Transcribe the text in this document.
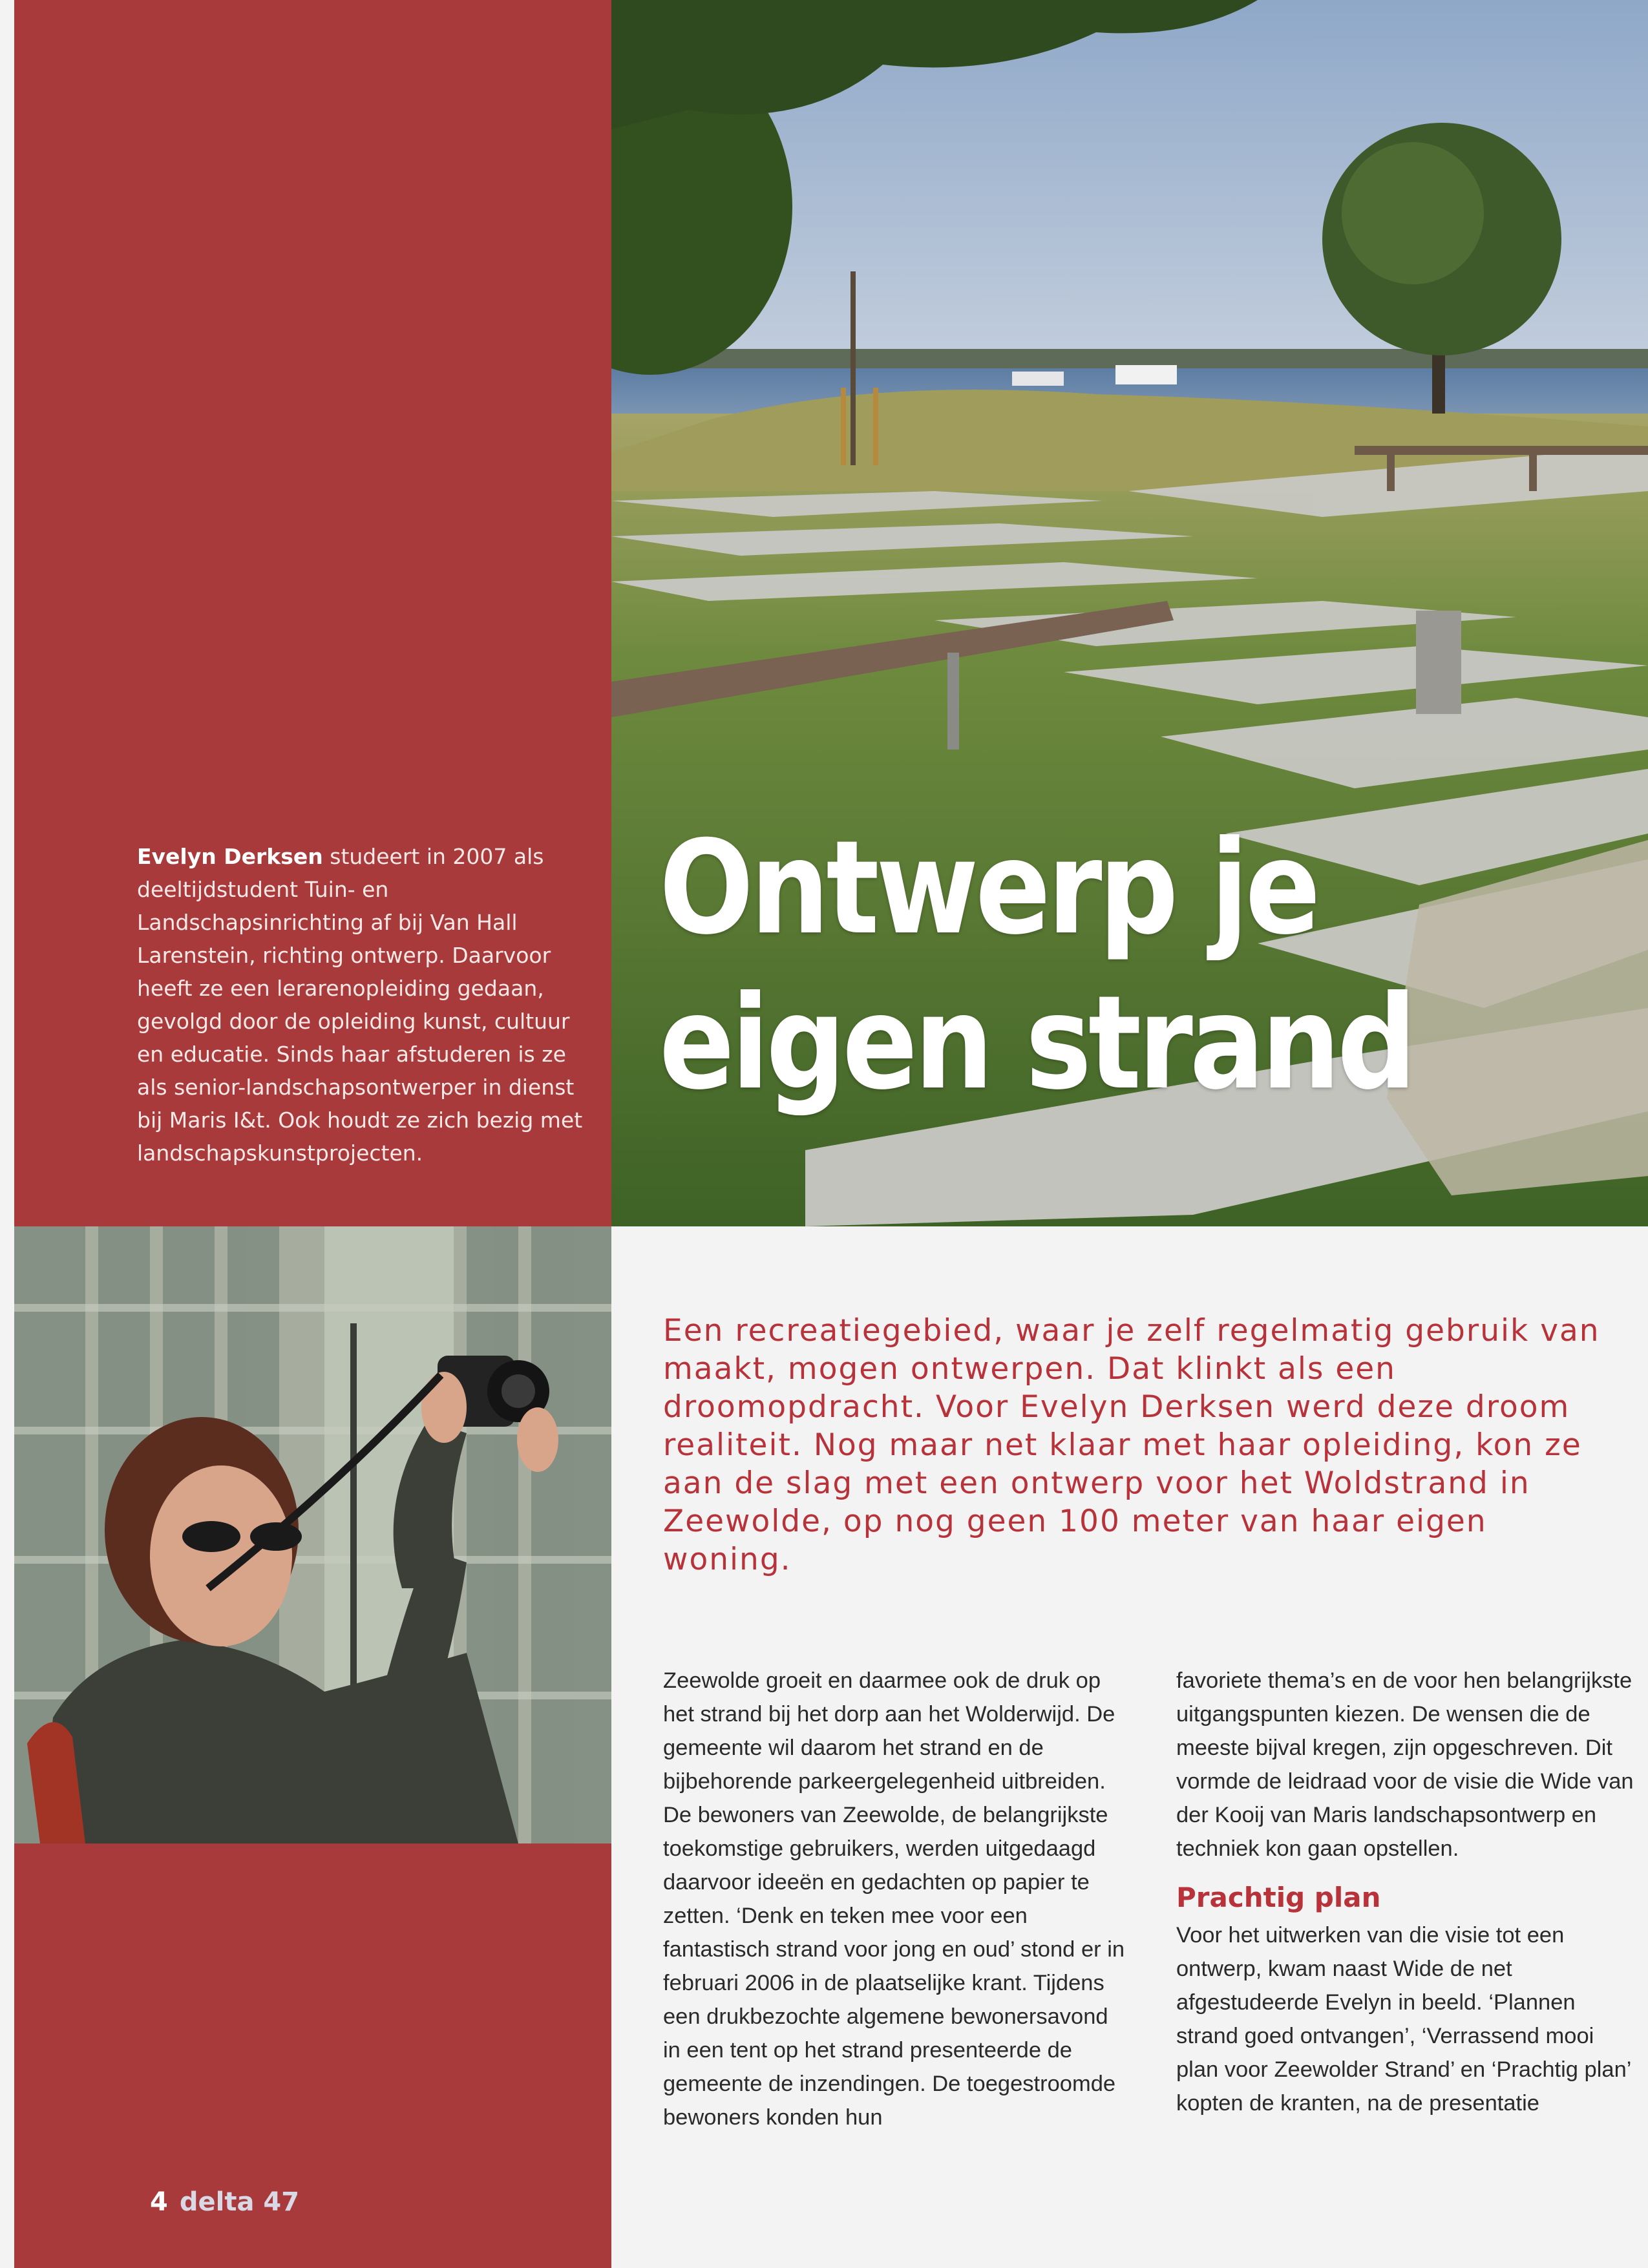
Evelyn Derksen studeert in 2007 als deeltijdstudent Tuin- en Landschapsinrichting af bij Van Hall Larenstein, richting ontwerp. Daarvoor heeft ze een lerarenopleiding gedaan, gevolgd door de opleiding kunst, cultuur en educatie. Sinds haar afstuderen is ze als senior-landschapsontwerper in dienst bij Maris I&t. Ook houdt ze zich bezig met landschapskunstprojecten.
Ontwerp je
eigen strand
Een recreatiegebied, waar je zelf regelmatig gebruik van maakt, mogen ontwerpen. Dat klinkt als een droomopdracht. Voor Evelyn Derksen werd deze droom realiteit. Nog maar net klaar met haar opleiding, kon ze aan de slag met een ontwerp voor het Woldstrand in Zeewolde, op nog geen 100 meter van haar eigen woning.

Zeewolde groeit en daarmee ook de druk op het strand bij het dorp aan het Wolderwijd. De gemeente wil daarom het strand en de bijbehorende parkeergelegenheid uitbreiden. De bewoners van Zeewolde, de belangrijkste toekomstige gebruikers, werden uitgedaagd daarvoor ideeën en gedachten op papier te zetten. ‘Denk en teken mee voor een fantastisch strand voor jong en oud’ stond er in februari 2006 in de plaatselijke krant. Tijdens een drukbezochte algemene bewonersavond in een tent op het strand presenteerde de gemeente de inzendingen. De toegestroomde bewoners konden hun

favoriete thema’s en de voor hen belangrijkste uitgangspunten kiezen. De wensen die de meeste bijval kregen, zijn opgeschreven. Dit vormde de leidraad voor de visie die Wide van der Kooij van Maris landschapsontwerp en techniek kon gaan opstellen.

Prachtig plan

Voor het uitwerken van die visie tot een ontwerp, kwam naast Wide de net afgestudeerde Evelyn in beeld. ‘Plannen strand goed ontvangen’, ‘Verrassend mooi plan voor Zeewolder Strand’ en ‘Prachtig plan’ kopten de kranten, na de presentatie

4 delta 47
